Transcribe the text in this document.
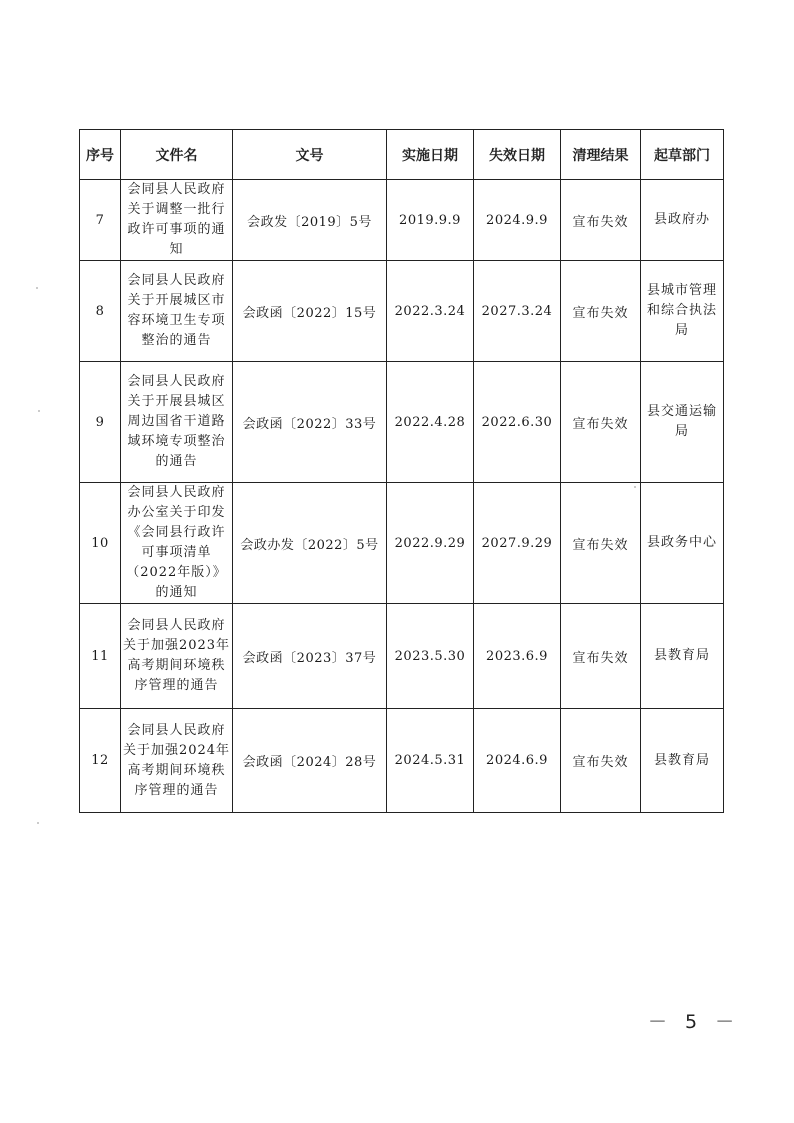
序号	文件名	文号	实施日期	失效日期	清理结果	起草部门
7	会同县人民政府关于调整一批行政许可事项的通知	会政发〔2019〕5号	2019.9.9	2024.9.9	宣布失效	县政府办
8	会同县人民政府关于开展城区市容环境卫生专项整治的通告	会政函〔2022〕15号	2022.3.24	2027.3.24	宣布失效	县城市管理和综合执法局
9	会同县人民政府关于开展县城区周边国省干道路域环境专项整治的通告	会政函〔2022〕33号	2022.4.28	2022.6.30	宣布失效	县交通运输局
10	会同县人民政府办公室关于印发《会同县行政许可事项清单（2022年版）》的通知	会政办发〔2022〕5号	2022.9.29	2027.9.29	宣布失效	县政务中心
11	会同县人民政府关于加强2023年高考期间环境秩序管理的通告	会政函〔2023〕37号	2023.5.30	2023.6.9	宣布失效	县教育局
12	会同县人民政府关于加强2024年高考期间环境秩序管理的通告	会政函〔2024〕28号	2024.5.31	2024.6.9	宣布失效	县教育局
－ 5 －
